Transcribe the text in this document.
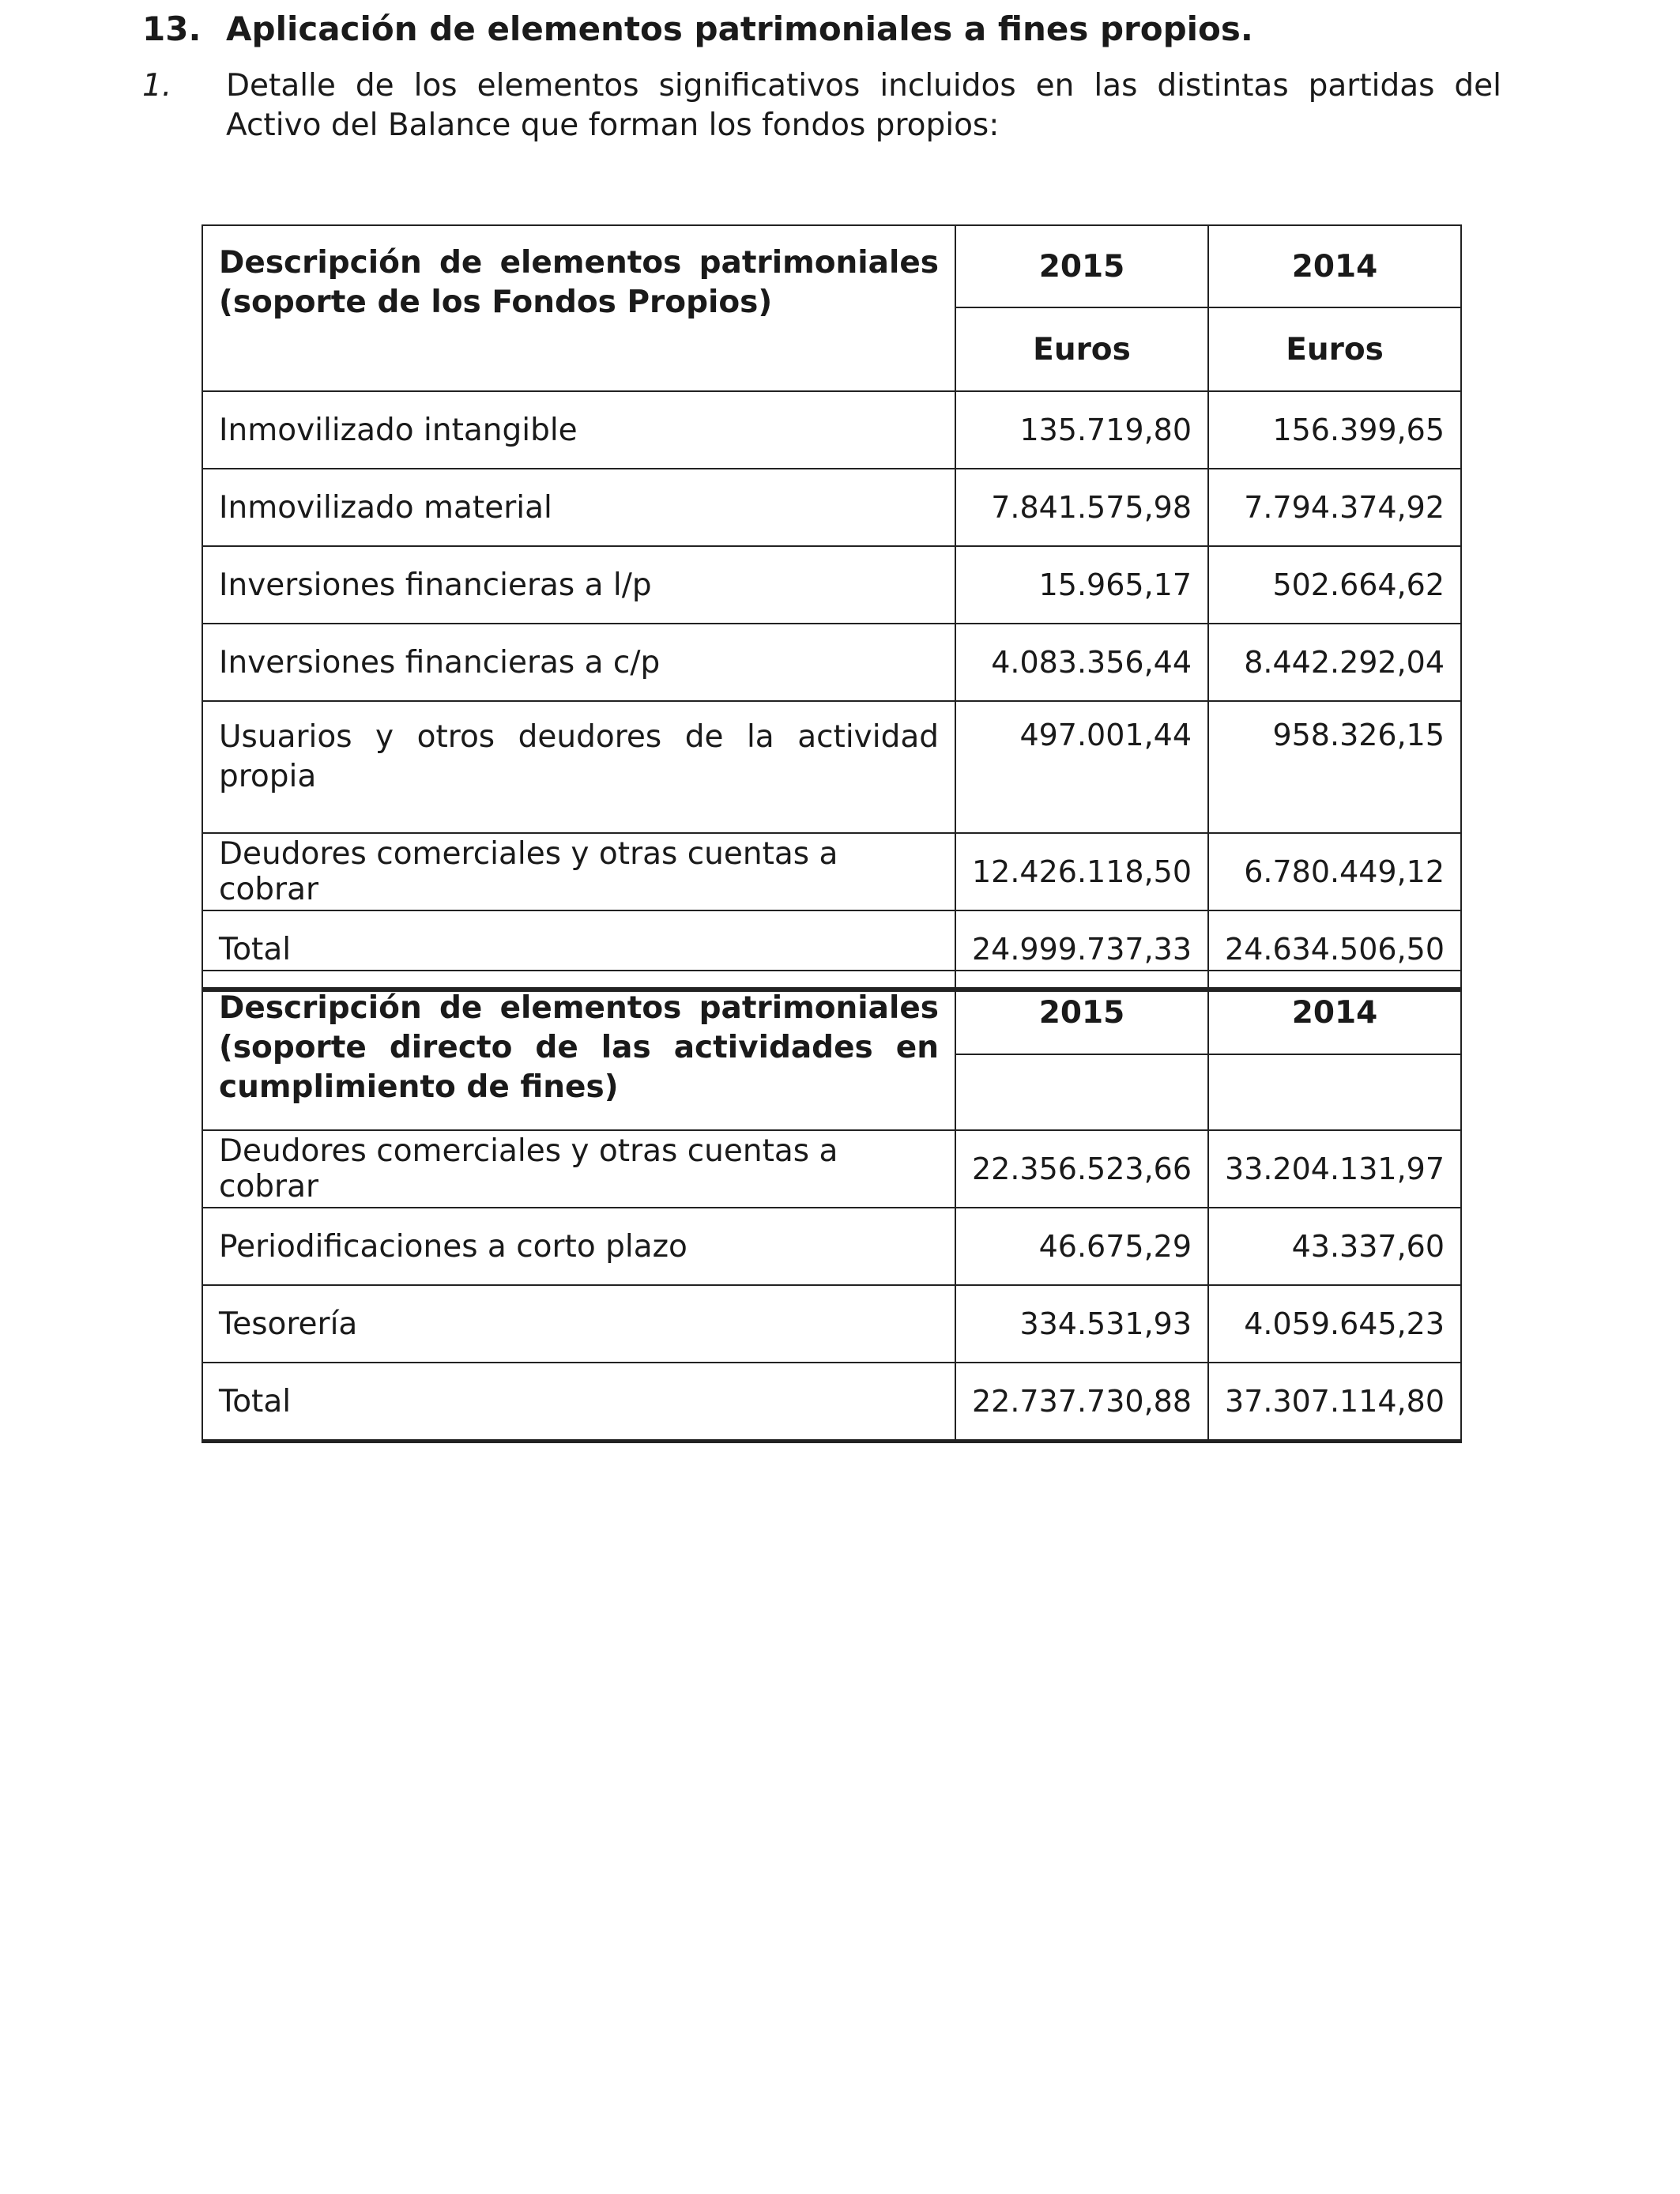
13. Aplicación de elementos patrimoniales a fines propios.
1. Detalle de los elementos significativos incluidos en las distintas partidas del Activo del Balance que forman los fondos propios:
Descripción de elementos patrimoniales
(soporte de los Fondos Propios)	2015	2014
	Euros	Euros
Inmovilizado intangible	135.719,80	156.399,65
Inmovilizado material	7.841.575,98	7.794.374,92
Inversiones financieras a l/p	15.965,17	502.664,62
Inversiones financieras a c/p	4.083.356,44	8.442.292,04

Usuarios y otros deudores de la actividad
propia	497.001,44	958.326,15
Deudores comerciales y otras cuentas a cobrar	12.426.118,50	6.780.449,12
Total	24.999.737,33	24.634.506,50
Descripción de elementos patrimoniales
(soporte directo de las actividades en
cumplimiento de fines)	2015	2014

Deudores comerciales y otras cuentas a cobrar	22.356.523,66	33.204.131,97
Periodificaciones a corto plazo	46.675,29	43.337,60
Tesorería	334.531,93	4.059.645,23
Total	22.737.730,88	37.307.114,80
